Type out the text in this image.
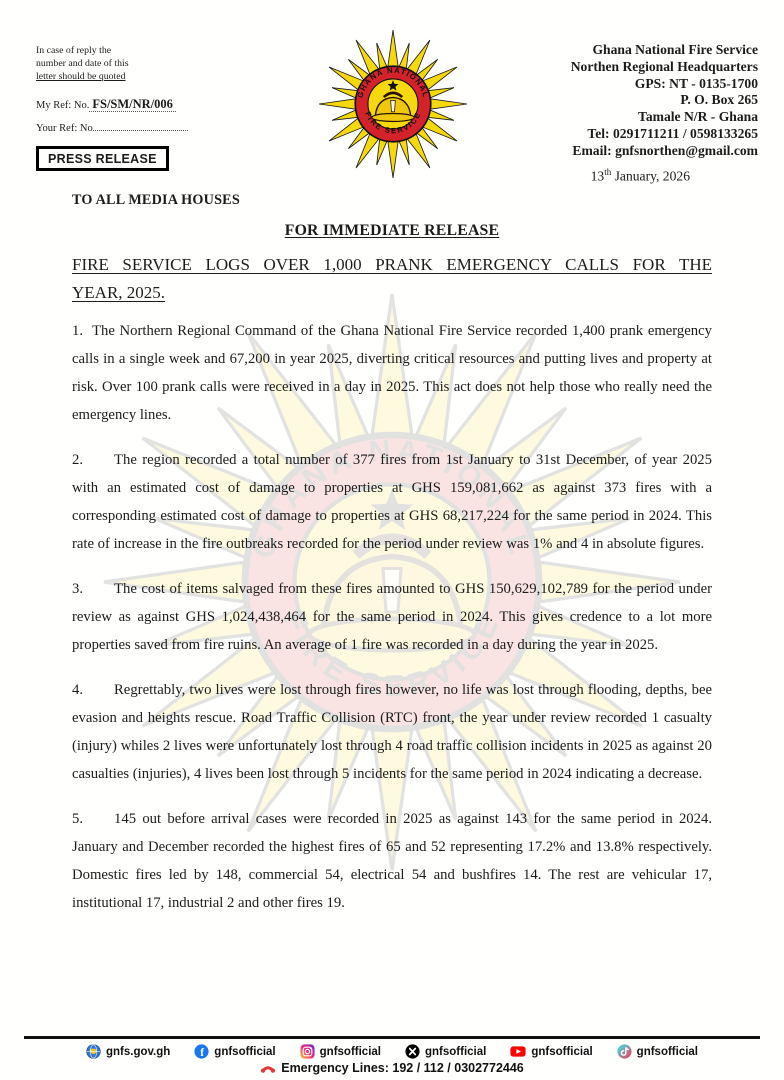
In case of reply the
number and date of this
letter should be quoted
My Ref: No. FS/SM/NR/006
Your Ref: No
PRESS RELEASE
Ghana National Fire Service
Northen Regional Headquarters
GPS: NT - 0135-1700
P. O. Box 265
Tamale N/R - Ghana
Tel: 0291711211 / 0598133265
Email: gnfsnorthen@gmail.com
13th January, 2026
TO ALL MEDIA HOUSES
FOR IMMEDIATE RELEASE
FIRE SERVICE LOGS OVER 1,000 PRANK EMERGENCY CALLS FOR THE
YEAR, 2025.

1. The Northern Regional Command of the Ghana National Fire Service recorded 1,400 prank emergency calls in a single week and 67,200 in year 2025, diverting critical resources and putting lives and property at risk. Over 100 prank calls were received in a day in 2025. This act does not help those who really need the emergency lines.

2. The region recorded a total number of 377 fires from 1st January to 31st December, of year 2025 with an estimated cost of damage to properties at GHS 159,081,662 as against 373 fires with a corresponding estimated cost of damage to properties at GHS 68,217,224 for the same period in 2024. This rate of increase in the fire outbreaks recorded for the period under review was 1% and 4 in absolute figures.

3. The cost of items salvaged from these fires amounted to GHS 150,629,102,789 for the period under review as against GHS 1,024,438,464 for the same period in 2024. This gives credence to a lot more properties saved from fire ruins. An average of 1 fire was recorded in a day during the year in 2025.

4. Regrettably, two lives were lost through fires however, no life was lost through flooding, depths, bee evasion and heights rescue. Road Traffic Collision (RTC) front, the year under review recorded 1 casualty (injury) whiles 2 lives were unfortunately lost through 4 road traffic collision incidents in 2025 as against 20 casualties (injuries), 4 lives been lost through 5 incidents for the same period in 2024 indicating a decrease.

5. 145 out before arrival cases were recorded in 2025 as against 143 for the same period in 2024. January and December recorded the highest fires of 65 and 52 representing 17.2% and 13.8% respectively. Domestic fires led by 148, commercial 54, electrical 54 and bushfires 14. The rest are vehicular 17, institutional 17, industrial 2 and other fires 19.

gnfs.gov.gh	f gnfsofficial	gnfsofficial	gnfsofficial	gnfsofficial	gnfsofficial
Emergency Lines: 192 / 112 / 0302772446
